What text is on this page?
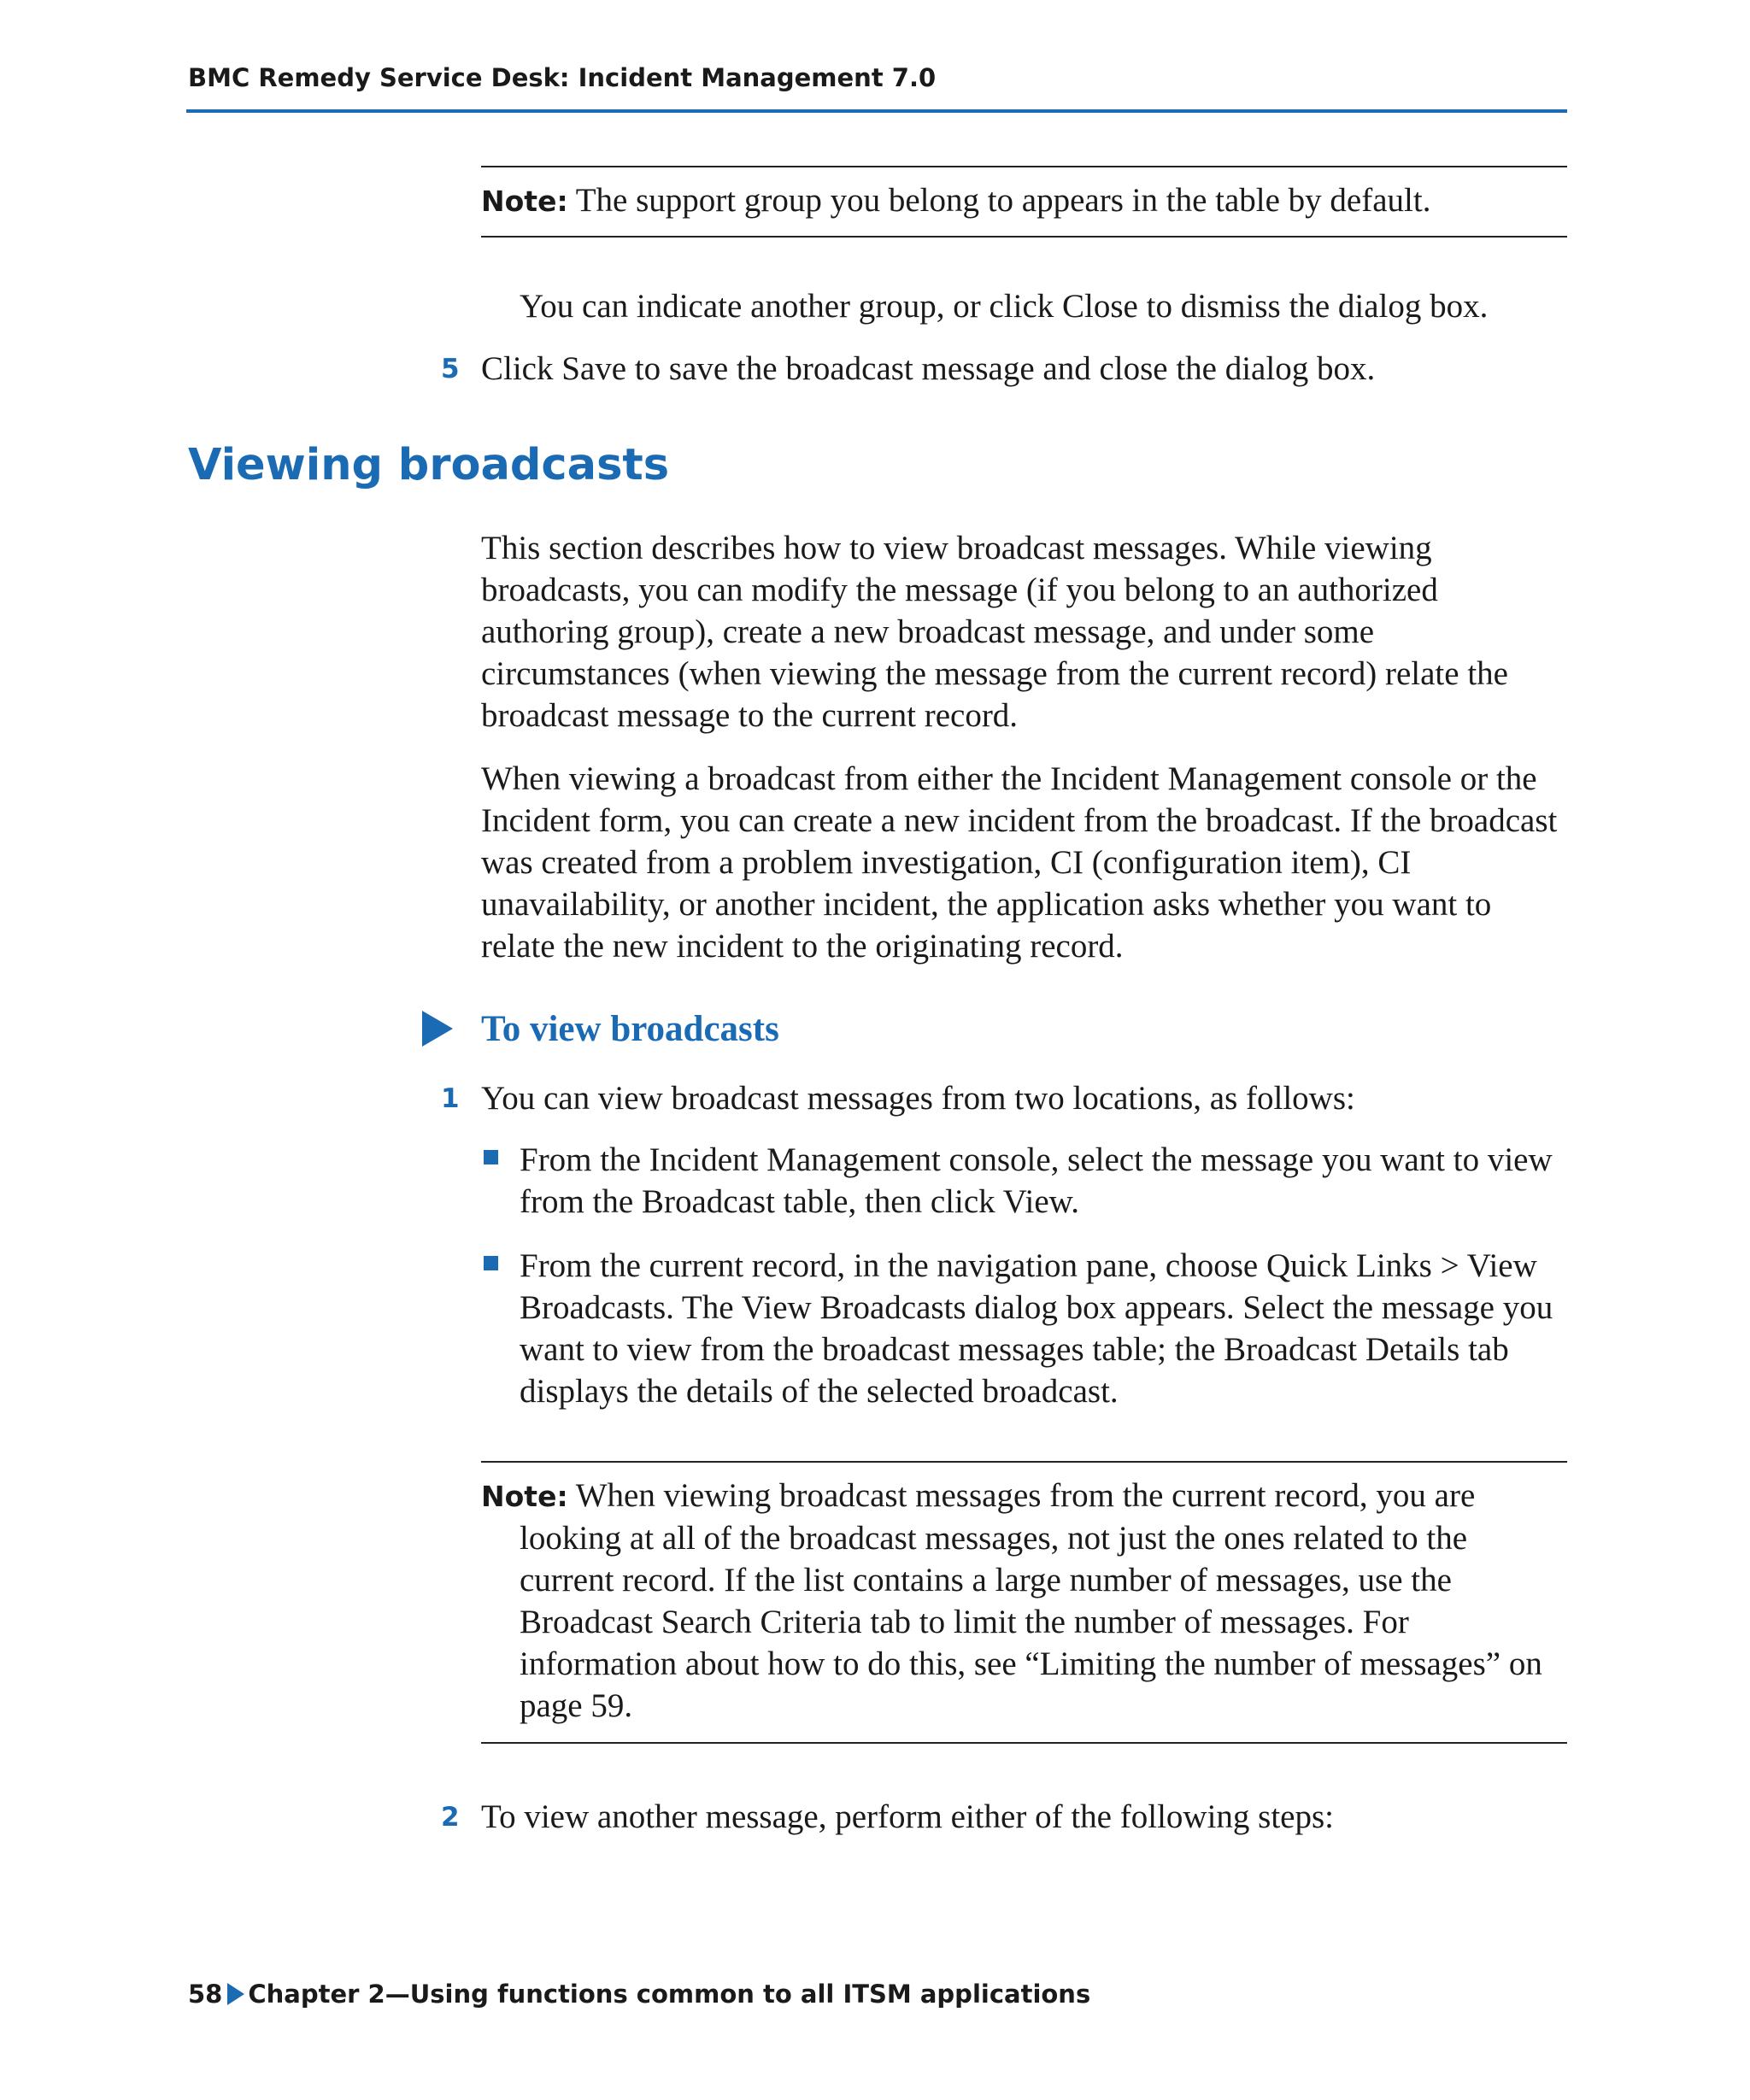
BMC Remedy Service Desk: Incident Management 7.0
Note: The support group you belong to appears in the table by default.

You can indicate another group, or click Close to dismiss the dialog box.

5 Click Save to save the broadcast message and close the dialog box.

Viewing broadcasts

This section describes how to view broadcast messages. While viewing broadcasts, you can modify the message (if you belong to an authorized authoring group), create a new broadcast message, and under some circumstances (when viewing the message from the current record) relate the broadcast message to the current record.

When viewing a broadcast from either the Incident Management console or the Incident form, you can create a new incident from the broadcast. If the broadcast was created from a problem investigation, CI (configuration item), CI unavailability, or another incident, the application asks whether you want to relate the new incident to the originating record.

To view broadcasts
1 You can view broadcast messages from two locations, as follows:

From the Incident Management console, select the message you want to view from the Broadcast table, then click View.

From the current record, in the navigation pane, choose Quick Links > View Broadcasts. The View Broadcasts dialog box appears. Select the message you want to view from the broadcast messages table; the Broadcast Details tab displays the details of the selected broadcast.

Note: When viewing broadcast messages from the current record, you are looking at all of the broadcast messages, not just the ones related to the current record. If the list contains a large number of messages, use the Broadcast Search Criteria tab to limit the number of messages. For information about how to do this, see “Limiting the number of messages” on page 59.
2 To view another message, perform either of the following steps:

58 Chapter 2—Using functions common to all ITSM applications
